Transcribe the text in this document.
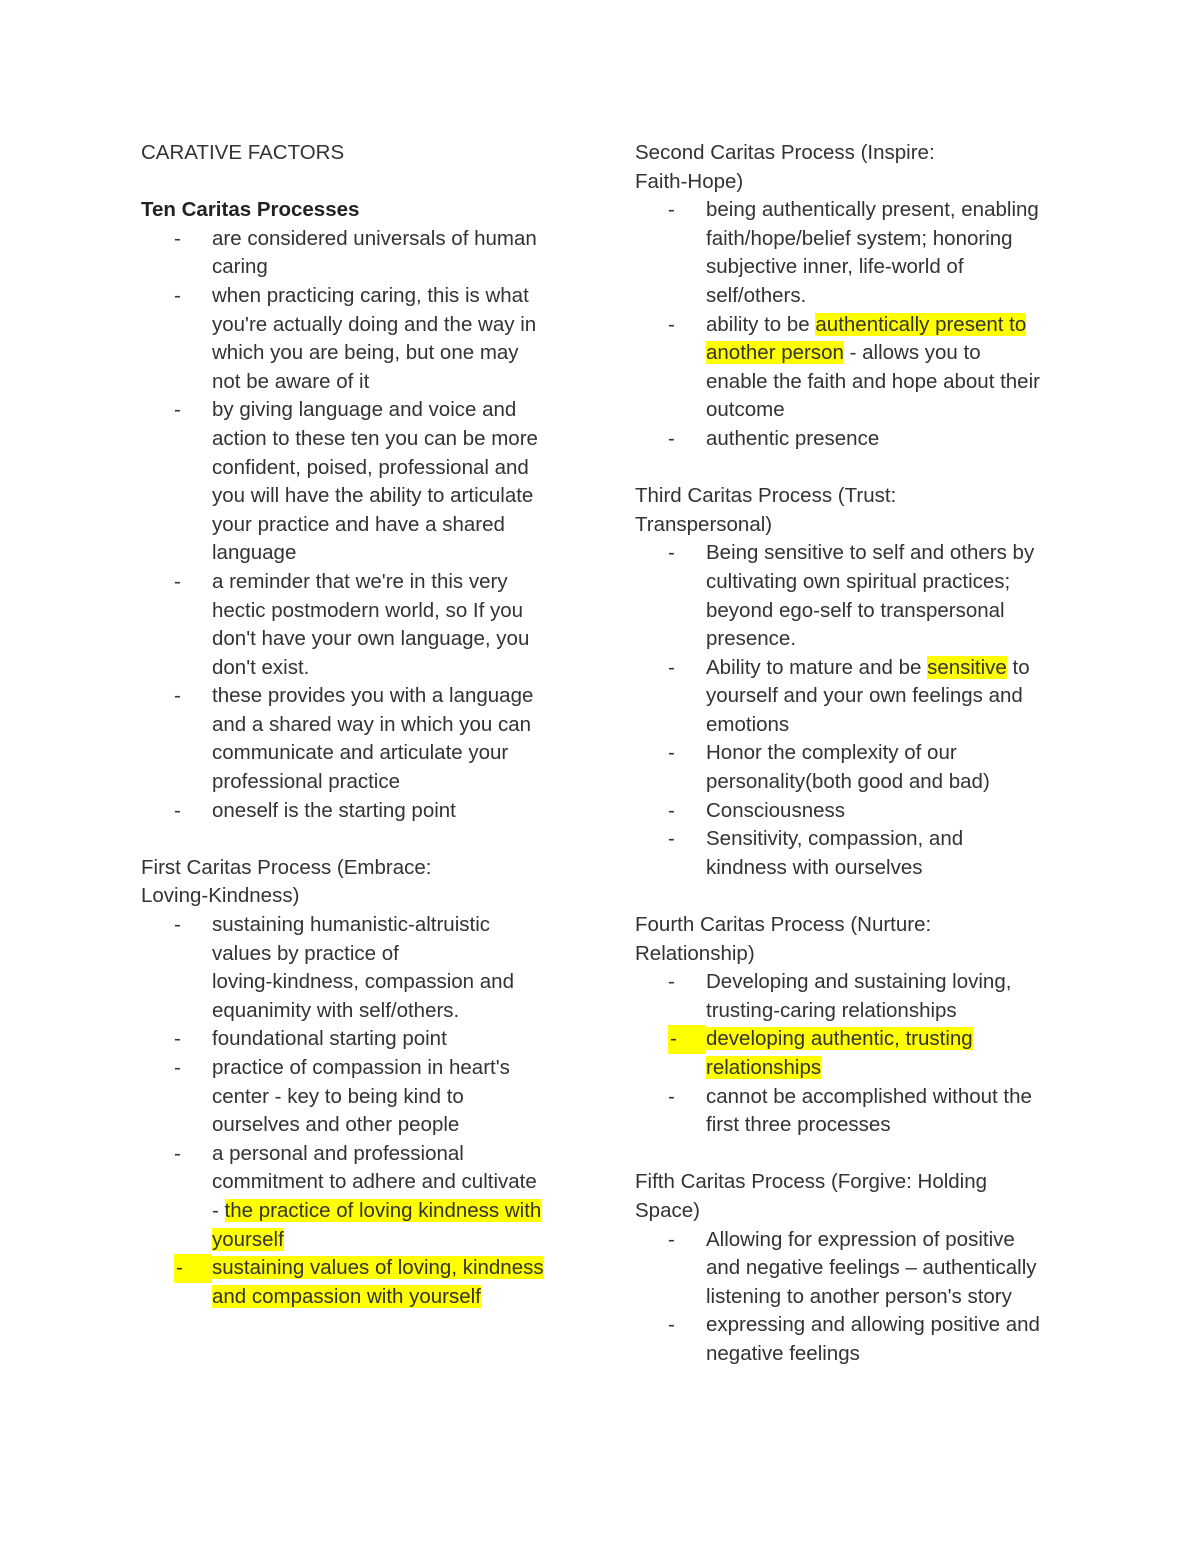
CARATIVE FACTORS
Ten Caritas Processes
- are considered universals of human
caring
- when practicing caring, this is what
you're actually doing and the way in
which you are being, but one may
not be aware of it
- by giving language and voice and
action to these ten you can be more
confident, poised, professional and
you will have the ability to articulate
your practice and have a shared
language
- a reminder that we're in this very
hectic postmodern world, so If you
don't have your own language, you
don't exist.
- these provides you with a language
and a shared way in which you can
communicate and articulate your
professional practice
- oneself is the starting point
First Caritas Process (Embrace:
Loving-Kindness)
- sustaining humanistic-altruistic
values by practice of
loving-kindness, compassion and
equanimity with self/others.
- foundational starting point
- practice of compassion in heart's
center - key to being kind to
ourselves and other people
- a personal and professional
commitment to adhere and cultivate
- the practice of loving kindness with
yourself
-	sustaining values of loving, kindness
and compassion with yourself
Second Caritas Process (Inspire:
Faith-Hope)
- being authentically present, enabling
faith/hope/belief system; honoring
subjective inner, life-world of
self/others.
- ability to be authentically present to
another person - allows you to
enable the faith and hope about their
outcome
- authentic presence
Third Caritas Process (Trust:
Transpersonal)
- Being sensitive to self and others by
cultivating own spiritual practices;
beyond ego-self to transpersonal
presence.
- Ability to mature and be sensitive to
yourself and your own feelings and
emotions
- Honor the complexity of our
personality(both good and bad)
- Consciousness
- Sensitivity, compassion, and
kindness with ourselves
Fourth Caritas Process (Nurture:
Relationship)
- Developing and sustaining loving,
trusting-caring relationships
-	developing authentic, trusting
relationships
- cannot be accomplished without the
first three processes
Fifth Caritas Process (Forgive: Holding
Space)
- Allowing for expression of positive
and negative feelings – authentically
listening to another person's story
- expressing and allowing positive and
negative feelings
